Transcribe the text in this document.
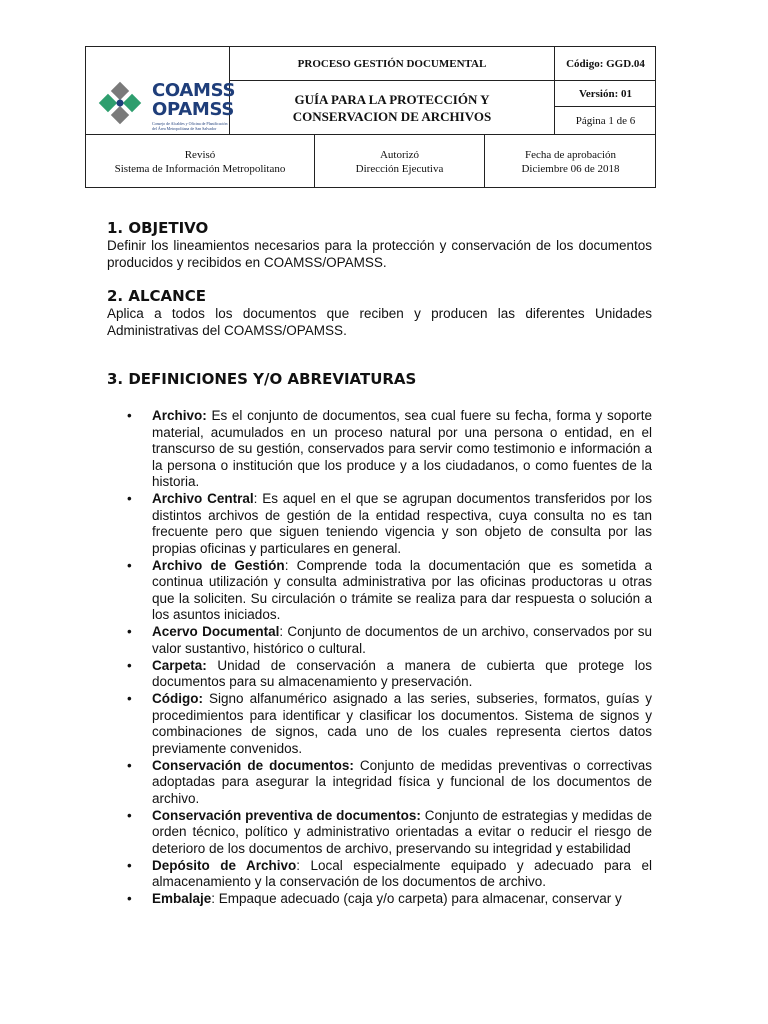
COAMSS
OPAMSS
Consejo de Alcaldes y Oficina de Planificación del Área Metropolitana de San Salvador
PROCESO GESTIÓN DOCUMENTAL	Código: GGD.04
GUÍA PARA LA PROTECCIÓN Y
CONSERVACION DE ARCHIVOS
Versión: 01
Página 1 de 6
Revisó
Sistema de Información Metropolitano
Autorizó
Dirección Ejecutiva
Fecha de aprobación
Diciembre 06 de 2018
1. OBJETIVO

Definir los lineamientos necesarios para la protección y conservación de los documentos producidos y recibidos en COAMSS/OPAMSS.

2. ALCANCE

Aplica a todos los documentos que reciben y producen las diferentes Unidades Administrativas del COAMSS/OPAMSS.

3. DEFINICIONES Y/O ABREVIATURAS
• Archivo: Es el conjunto de documentos, sea cual fuere su fecha, forma y soporte material, acumulados en un proceso natural por una persona o entidad, en el transcurso de su gestión, conservados para servir como testimonio e información a la persona o institución que los produce y a los ciudadanos, o como fuentes de la historia.
• Archivo Central: Es aquel en el que se agrupan documentos transferidos por los distintos archivos de gestión de la entidad respectiva, cuya consulta no es tan frecuente pero que siguen teniendo vigencia y son objeto de consulta por las propias oficinas y particulares en general.
• Archivo de Gestión: Comprende toda la documentación que es sometida a continua utilización y consulta administrativa por las oficinas productoras u otras que la soliciten. Su circulación o trámite se realiza para dar respuesta o solución a los asuntos iniciados.
• Acervo Documental: Conjunto de documentos de un archivo, conservados por su valor sustantivo, histórico o cultural.
• Carpeta: Unidad de conservación a manera de cubierta que protege los documentos para su almacenamiento y preservación.
• Código: Signo alfanumérico asignado a las series, subseries, formatos, guías y procedimientos para identificar y clasificar los documentos. Sistema de signos y combinaciones de signos, cada uno de los cuales representa ciertos datos previamente convenidos.
• Conservación de documentos: Conjunto de medidas preventivas o correctivas adoptadas para asegurar la integridad física y funcional de los documentos de archivo.
• Conservación preventiva de documentos: Conjunto de estrategias y medidas de orden técnico, político y administrativo orientadas a evitar o reducir el riesgo de deterioro de los documentos de archivo, preservando su integridad y estabilidad
• Depósito de Archivo: Local especialmente equipado y adecuado para el almacenamiento y la conservación de los documentos de archivo.
• Embalaje: Empaque adecuado (caja y/o carpeta) para almacenar, conservar y
